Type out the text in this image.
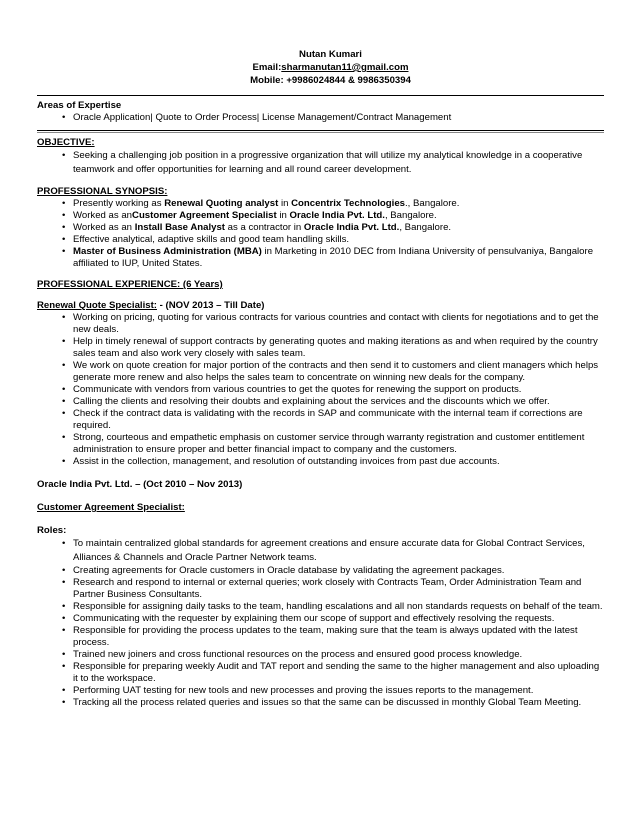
Nutan Kumari
Email:sharmanutan11@gmail.com
Mobile: +9986024844 & 9986350394
Areas of Expertise
• Oracle Application| Quote to Order Process| License Management/Contract Management
OBJECTIVE:
• Seeking a challenging job position in a progressive organization that will utilize my analytical knowledge in a cooperative teamwork and offer opportunities for learning and all round career development.
PROFESSIONAL SYNOPSIS:
• Presently working as Renewal Quoting analyst in Concentrix Technologies., Bangalore.
• Worked as anCustomer Agreement Specialist in Oracle India Pvt. Ltd., Bangalore.
• Worked as an Install Base Analyst as a contractor in Oracle India Pvt. Ltd., Bangalore.
• Effective analytical, adaptive skills and good team handling skills.
• Master of Business Administration (MBA) in Marketing in 2010 DEC from Indiana University of pensulvaniya, Bangalore affiliated to IUP, United States.
PROFESSIONAL EXPERIENCE: (6 Years)
Renewal Quote Specialist: - (NOV 2013 – Till Date)
• Working on pricing, quoting for various contracts for various countries and contact with clients for negotiations and to get the new deals.
• Help in timely renewal of support contracts by generating quotes and making iterations as and when required by the country sales team and also work very closely with sales team.
• We work on quote creation for major portion of the contracts and then send it to customers and client managers which helps generate more renew and also helps the sales team to concentrate on winning new deals for the company.
• Communicate with vendors from various countries to get the quotes for renewing the support on products.
• Calling the clients and resolving their doubts and explaining about the services and the discounts which we offer.
• Check if the contract data is validating with the records in SAP and communicate with the internal team if corrections are required.
• Strong, courteous and empathetic emphasis on customer service through warranty registration and customer entitlement administration to ensure proper and better financial impact to company and the customers.
• Assist in the collection, management, and resolution of outstanding invoices from past due accounts.
Oracle India Pvt. Ltd. – (Oct 2010 – Nov 2013)
Customer Agreement Specialist:
Roles:
• To maintain centralized global standards for agreement creations and ensure accurate data for Global Contract Services, Alliances & Channels and Oracle Partner Network teams.
• Creating agreements for Oracle customers in Oracle database by validating the agreement packages.
• Research and respond to internal or external queries; work closely with Contracts Team, Order Administration Team and Partner Business Consultants.
• Responsible for assigning daily tasks to the team, handling escalations and all non standards requests on behalf of the team.
• Communicating with the requester by explaining them our scope of support and effectively resolving the requests.
• Responsible for providing the process updates to the team, making sure that the team is always updated with the latest process.
• Trained new joiners and cross functional resources on the process and ensured good process knowledge.
• Responsible for preparing weekly Audit and TAT report and sending the same to the higher management and also uploading it to the workspace.
• Performing UAT testing for new tools and new processes and proving the issues reports to the management.
• Tracking all the process related queries and issues so that the same can be discussed in monthly Global Team Meeting.
